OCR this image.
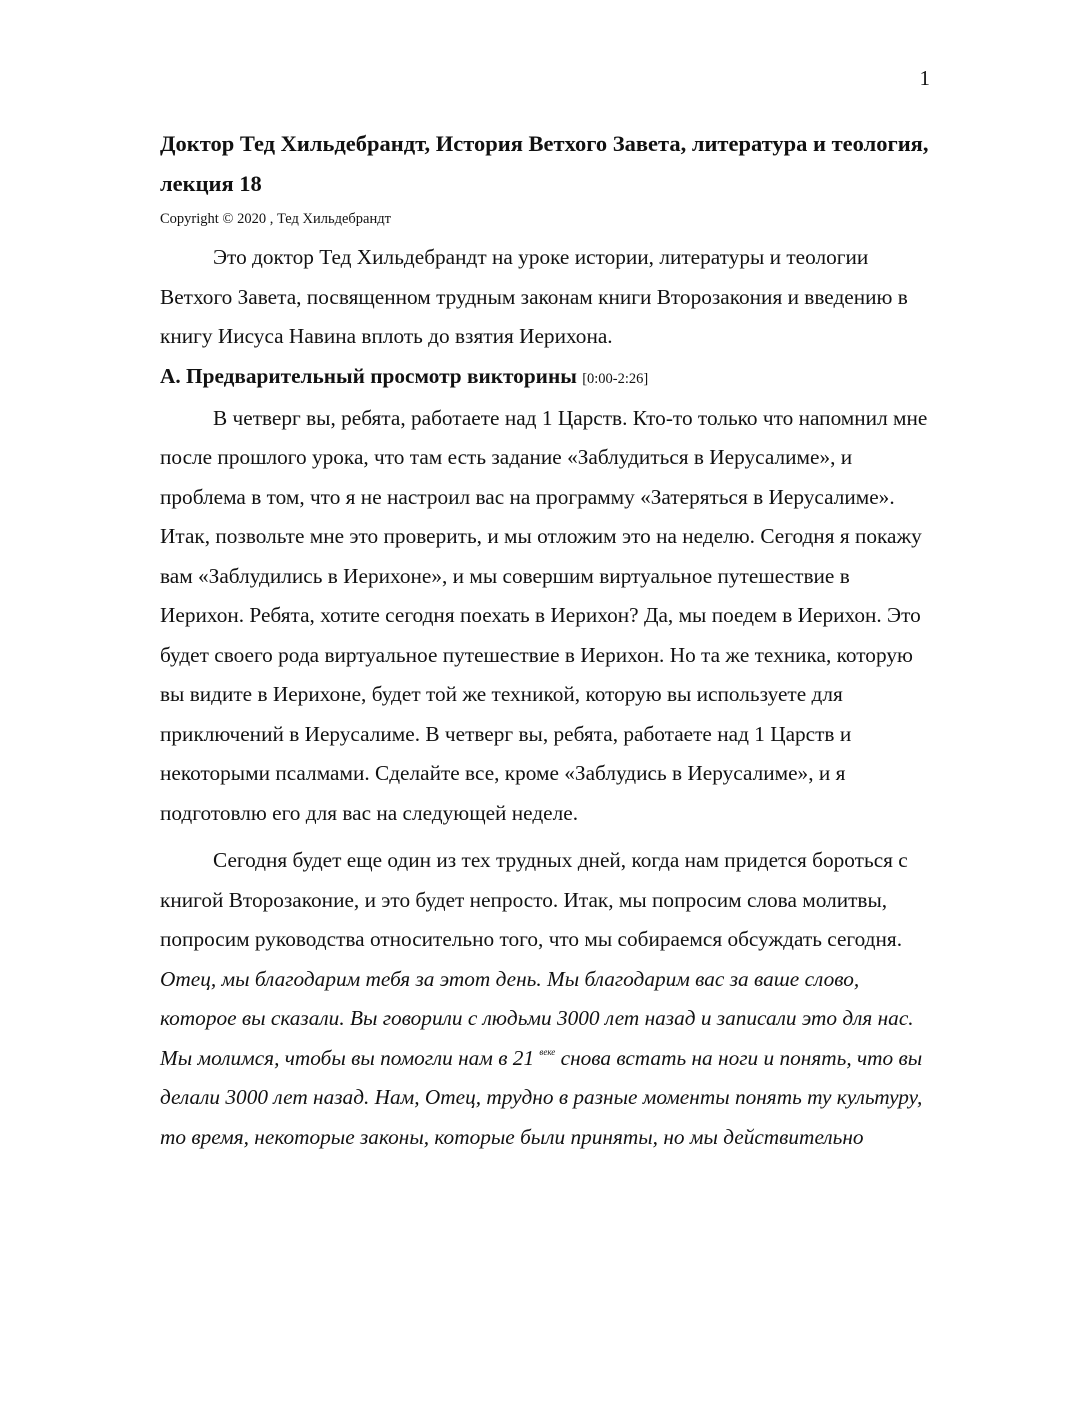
1
Доктор Тед Хильдебрандт, История Ветхого Завета, литература и теология, лекция 18
Copyright © 2020 , Тед Хильдебрандт

Это доктор Тед Хильдебрандт на уроке истории, литературы и теологии Ветхого Завета, посвященном трудным законам книги Второзакония и введению в книгу Иисуса Навина вплоть до взятия Иерихона.

A. Предварительный просмотр викторины [0:00-2:26]

В четверг вы, ребята, работаете над 1 Царств. Кто-то только что напомнил мне после прошлого урока, что там есть задание «Заблудиться в Иерусалиме», и проблема в том, что я не настроил вас на программу «Затеряться в Иерусалиме». Итак, позвольте мне это проверить, и мы отложим это на неделю. Сегодня я покажу вам «Заблудились в Иерихоне», и мы совершим виртуальное путешествие в Иерихон. Ребята, хотите сегодня поехать в Иерихон? Да, мы поедем в Иерихон. Это будет своего рода виртуальное путешествие в Иерихон. Но та же техника, которую вы видите в Иерихоне, будет той же техникой, которую вы используете для приключений в Иерусалиме. В четверг вы, ребята, работаете над 1 Царств и некоторыми псалмами. Сделайте все, кроме «Заблудись в Иерусалиме», и я подготовлю его для вас на следующей неделе.

Сегодня будет еще один из тех трудных дней, когда нам придется бороться с книгой Второзаконие, и это будет непросто. Итак, мы попросим слова молитвы, попросим руководства относительно того, что мы собираемся обсуждать сегодня. Отец, мы благодарим тебя за этот день. Мы благодарим вас за ваше слово, которое вы сказали. Вы говорили с людьми 3000 лет назад и записали это для нас. Мы молимся, чтобы вы помогли нам в 21 $^{веке}$ снова встать на ноги и понять, что вы делали 3000 лет назад. Нам, Отец, трудно в разные моменты понять ту культуру, то время, некоторые законы, которые были приняты, но мы действительно
